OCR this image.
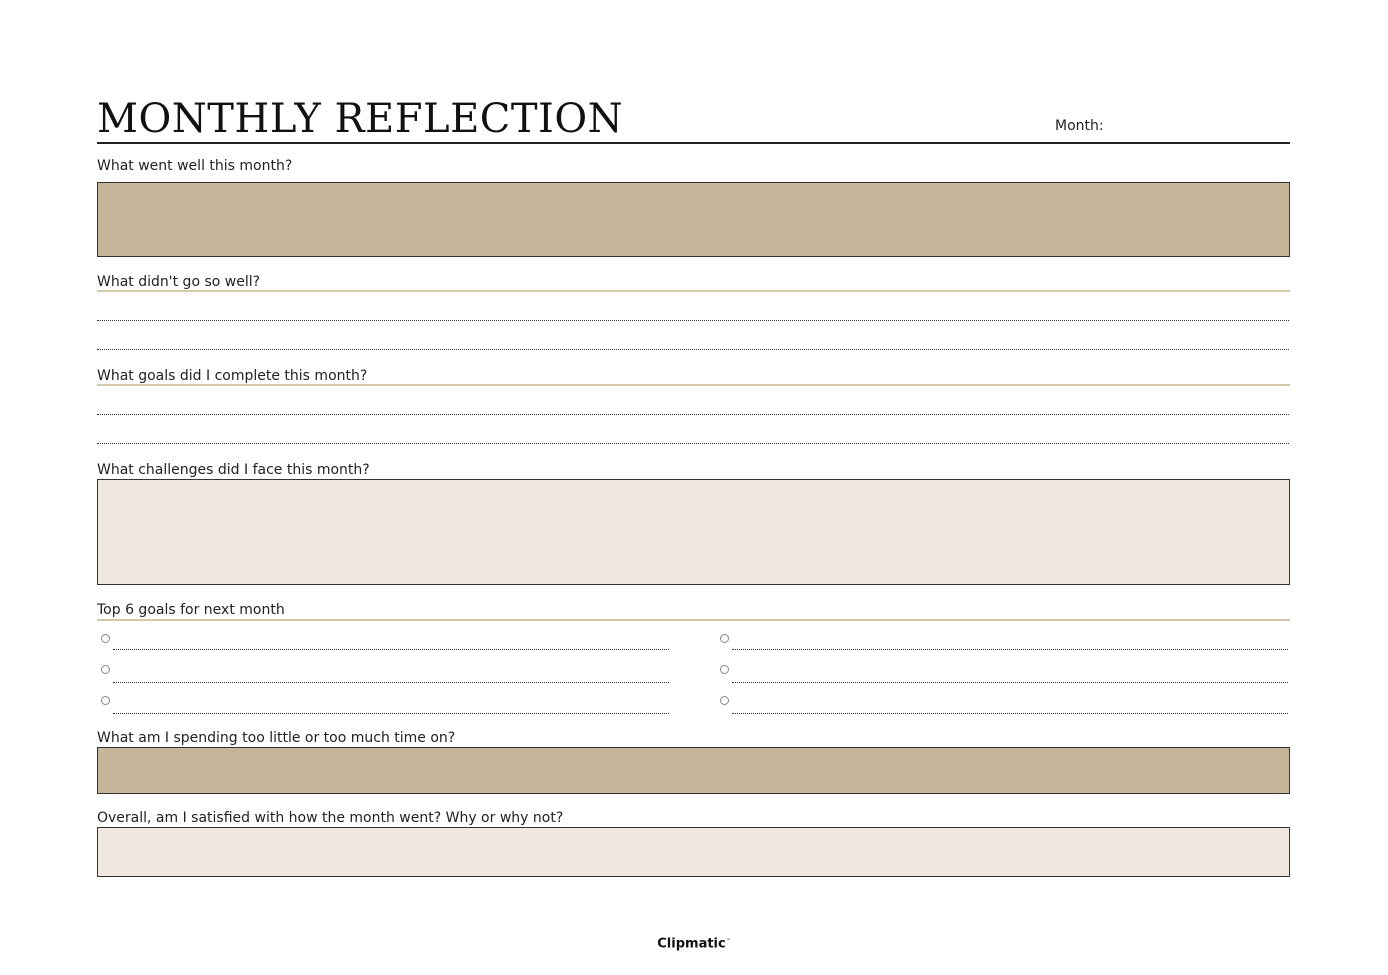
MONTHLY REFLECTION	Month:
What went well this month?
What didn't go so well?
What goals did I complete this month?
What challenges did I face this month?
Top 6 goals for next month
What am I spending too little or too much time on?
Overall, am I satisfied with how the month went? Why or why not?
Clipmatic™
